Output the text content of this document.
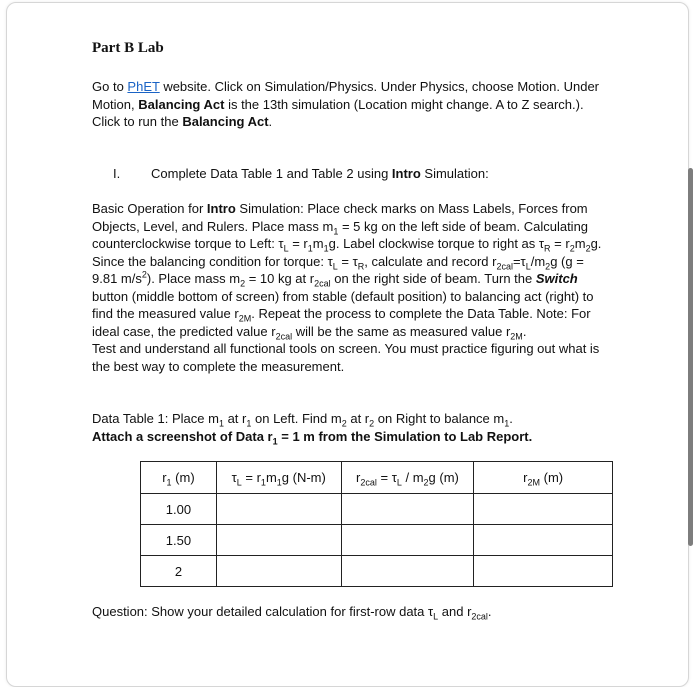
Part B Lab
Go to PhET website. Click on Simulation/Physics. Under Physics, choose Motion. Under Motion, Balancing Act is the 13th simulation (Location might change. A to Z search.). Click to run the Balancing Act.
I. Complete Data Table 1 and Table 2 using Intro Simulation:
Basic Operation for Intro Simulation: Place check marks on Mass Labels, Forces from Objects, Level, and Rulers. Place mass $m_1 = 5$ kg on the left side of beam. Calculating counterclockwise torque to Left: $\tau_L = r_1m_1g$. Label clockwise torque to right as $\tau_R = r_2m_2g$. Since the balancing condition for torque: $\tau_L = \tau_R$, calculate and record $r_{2cal}=\tau_L/m_2g$ (g = 9.81 $m/s^2$). Place mass $m_2 = 10$ kg at $r_{2cal}$ on the right side of beam. Turn the Switch button (middle bottom of screen) from stable (default position) to balancing act (right) to find the measured value $r_{2M}$. Repeat the process to complete the Data Table. Note: For ideal case, the predicted value $r_{2cal}$ will be the same as measured value $r_{2M}$.
Test and understand all functional tools on screen. You must practice figuring out what is the best way to complete the measurement.
Data Table 1: Place $m_1$ at $r_1$ on Left. Find $m_2$ at $r_2$ on Right to balance $m_1$.
Attach a screenshot of Data $r_1 = 1$ m from the Simulation to Lab Report.
$r_1$ (m)	$\tau_L = r_1m_1g$ (N-m)	$r_{2cal} = \tau_L / m_2g$ (m)	$r_{2M}$ (m)
1.00			
1.50			
2			
Question: Show your detailed calculation for first-row data $\tau_L$ and $r_{2cal}$.
